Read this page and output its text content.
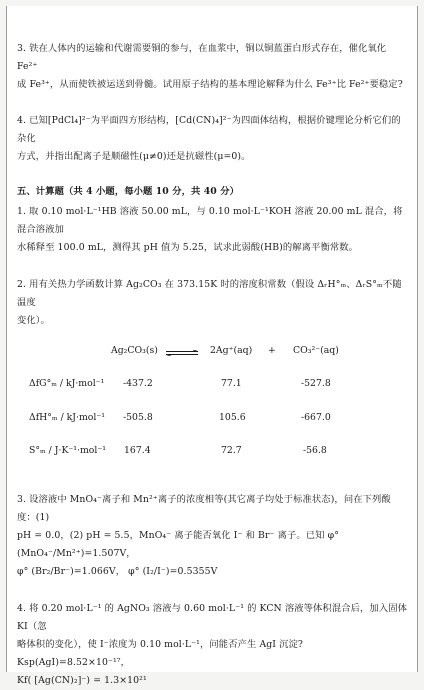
3. 铁在人体内的运输和代谢需要铜的参与，在血浆中，铜以铜蓝蛋白形式存在，催化氧化 Fe²⁺
成 Fe³⁺，从而使铁被运送到骨髓。试用原子结构的基本理论解释为什么 Fe³⁺比 Fe²⁺要稳定?
4. 已知[PdCl₄]²⁻为平面四方形结构，[Cd(CN)₄]²⁻为四面体结构，根据价键理论分析它们的杂化
方式，并指出配离子是顺磁性(μ≠0)还是抗磁性(μ=0)。
五、计算题（共 4 小题，每小题 10 分，共 40 分）
1. 取 0.10 mol·L⁻¹HB 溶液 50.00 mL，与 0.10 mol·L⁻¹KOH 溶液 20.00 mL 混合，将混合溶液加
水稀释至 100.0 mL，测得其 pH 值为 5.25，试求此弱酸(HB)的解离平衡常数。
2. 用有关热力学函数计算 Ag₂CO₃ 在 373.15K 时的溶度积常数（假设 ΔᵣH°ₘ、ΔᵣS°ₘ不随温度
变化）。
Ag₂CO₃(s) ⇌ 2Ag⁺(aq) + CO₃²⁻(aq)
ΔfG°ₘ / kJ·mol⁻¹ -437.2	77.1	-527.8
ΔfH°ₘ / kJ·mol⁻¹ -505.8	105.6	-667.0
S°ₘ / J·K⁻¹·mol⁻¹ 167.4	72.7	-56.8
3. 设溶液中 MnO₄⁻离子和 Mn²⁺离子的浓度相等(其它离子均处于标准状态)，问在下列酸度：(1)
pH = 0.0，(2) pH = 5.5，MnO₄⁻ 离子能否氧化 I⁻ 和 Br⁻ 离子。已知 φ° (MnO₄⁻/Mn²⁺)=1.507V，
φ° (Br₂/Br⁻)=1.066V， φ° (I₂/I⁻)=0.5355V
4. 将 0.20 mol·L⁻¹ 的 AgNO₃ 溶液与 0.60 mol·L⁻¹ 的 KCN 溶液等体积混合后，加入固体 KI（忽
略体积的变化），使 I⁻浓度为 0.10 mol·L⁻¹，问能否产生 AgI 沉淀? Ksp(AgI)=8.52×10⁻¹⁷，
Kf( [Ag(CN)₂]⁻) = 1.3×10²¹
